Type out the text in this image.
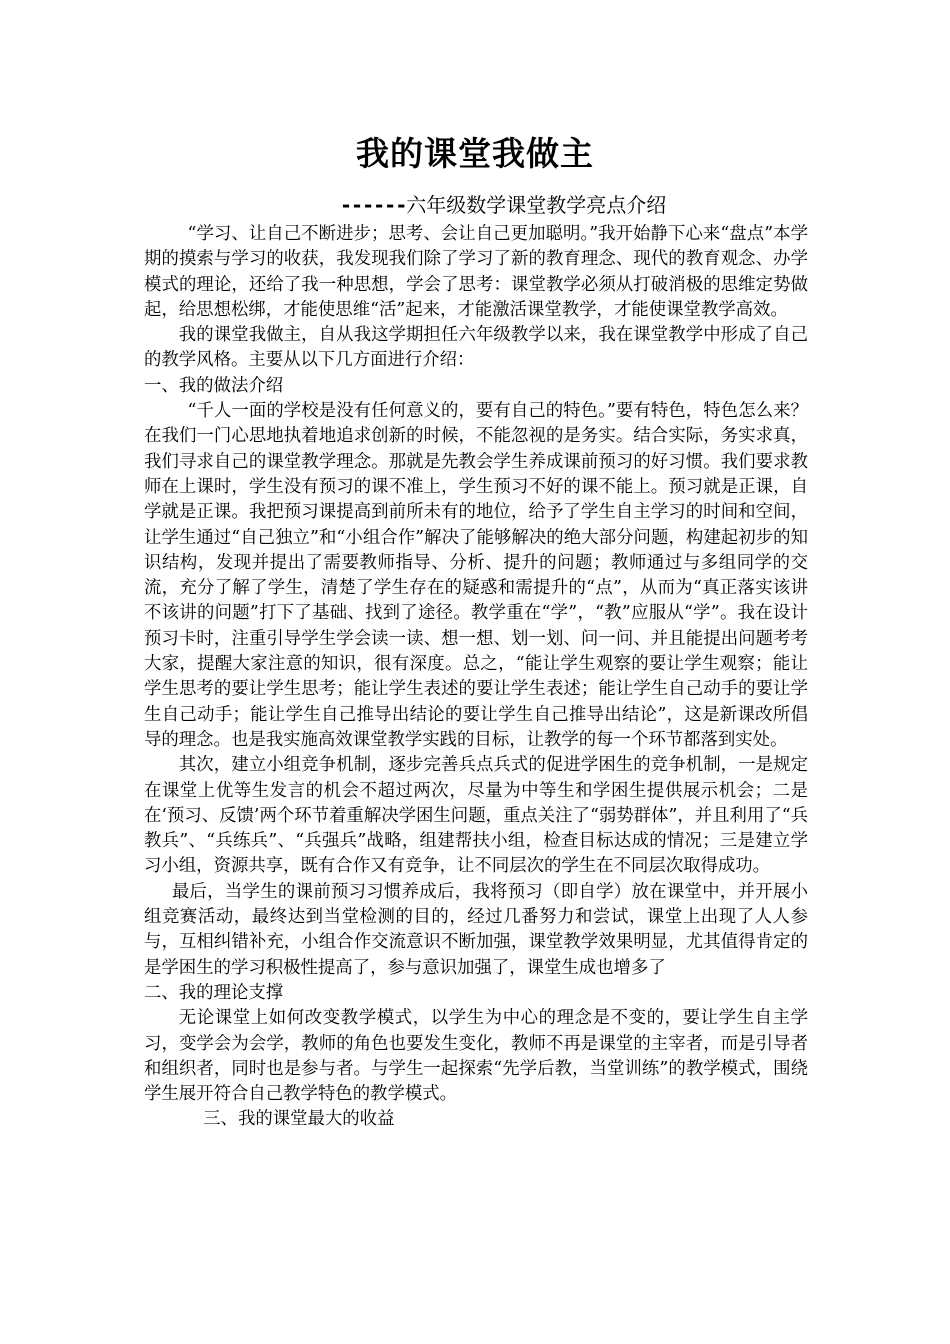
我的课堂我做主
------六年级数学课堂教学亮点介绍

“学习、让自己不断进步；思考、会让自己更加聪明。”我开始静下心来“盘点”本学期的摸索与学习的收获，我发现我们除了学习了新的教育理念、现代的教育观念、办学模式的理论，还给了我一种思想，学会了思考：课堂教学必须从打破消极的思维定势做起，给思想松绑，才能使思维“活”起来，才能激活课堂教学，才能使课堂教学高效。

我的课堂我做主，自从我这学期担任六年级教学以来，我在课堂教学中形成了自己的教学风格。主要从以下几方面进行介绍：

一、我的做法介绍

“千人一面的学校是没有任何意义的，要有自己的特色。”要有特色，特色怎么来？在我们一门心思地执着地追求创新的时候，不能忽视的是务实。结合实际，务实求真，我们寻求自己的课堂教学理念。那就是先教会学生养成课前预习的好习惯。我们要求教师在上课时，学生没有预习的课不准上，学生预习不好的课不能上。预习就是正课，自学就是正课。我把预习课提高到前所未有的地位，给予了学生自主学习的时间和空间，让学生通过“自己独立”和“小组合作”解决了能够解决的绝大部分问题，构建起初步的知识结构，发现并提出了需要教师指导、分析、提升的问题；教师通过与多组同学的交流，充分了解了学生，清楚了学生存在的疑惑和需提升的“点”，从而为“真正落实该讲不该讲的问题”打下了基础、找到了途径。教学重在“学”，“教”应服从“学”。我在设计预习卡时，注重引导学生学会读一读、想一想、划一划、问一问、并且能提出问题考考大家，提醒大家注意的知识，很有深度。总之，“能让学生观察的要让学生观察；能让学生思考的要让学生思考；能让学生表述的要让学生表述；能让学生自己动手的要让学生自己动手；能让学生自己推导出结论的要让学生自己推导出结论”，这是新课改所倡导的理念。也是我实施高效课堂教学实践的目标，让教学的每一个环节都落到实处。

其次，建立小组竞争机制，逐步完善兵点兵式的促进学困生的竞争机制，一是规定在课堂上优等生发言的机会不超过两次，尽量为中等生和学困生提供展示机会；二是在‘预习、反馈’两个环节着重解决学困生问题，重点关注了“弱势群体”，并且利用了“兵教兵”、“兵练兵”、“兵强兵”战略，组建帮扶小组，检查目标达成的情况；三是建立学习小组，资源共享，既有合作又有竞争，让不同层次的学生在不同层次取得成功。

最后，当学生的课前预习习惯养成后，我将预习（即自学）放在课堂中，并开展小组竞赛活动，最终达到当堂检测的目的，经过几番努力和尝试，课堂上出现了人人参与，互相纠错补充，小组合作交流意识不断加强，课堂教学效果明显，尤其值得肯定的是学困生的学习积极性提高了，参与意识加强了，课堂生成也增多了

二、我的理论支撑

无论课堂上如何改变教学模式，以学生为中心的理念是不变的，要让学生自主学习，变学会为会学，教师的角色也要发生变化，教师不再是课堂的主宰者，而是引导者和组织者，同时也是参与者。与学生一起探索“先学后教，当堂训练”的教学模式，围绕学生展开符合自己教学特色的教学模式。

三、我的课堂最大的收益
